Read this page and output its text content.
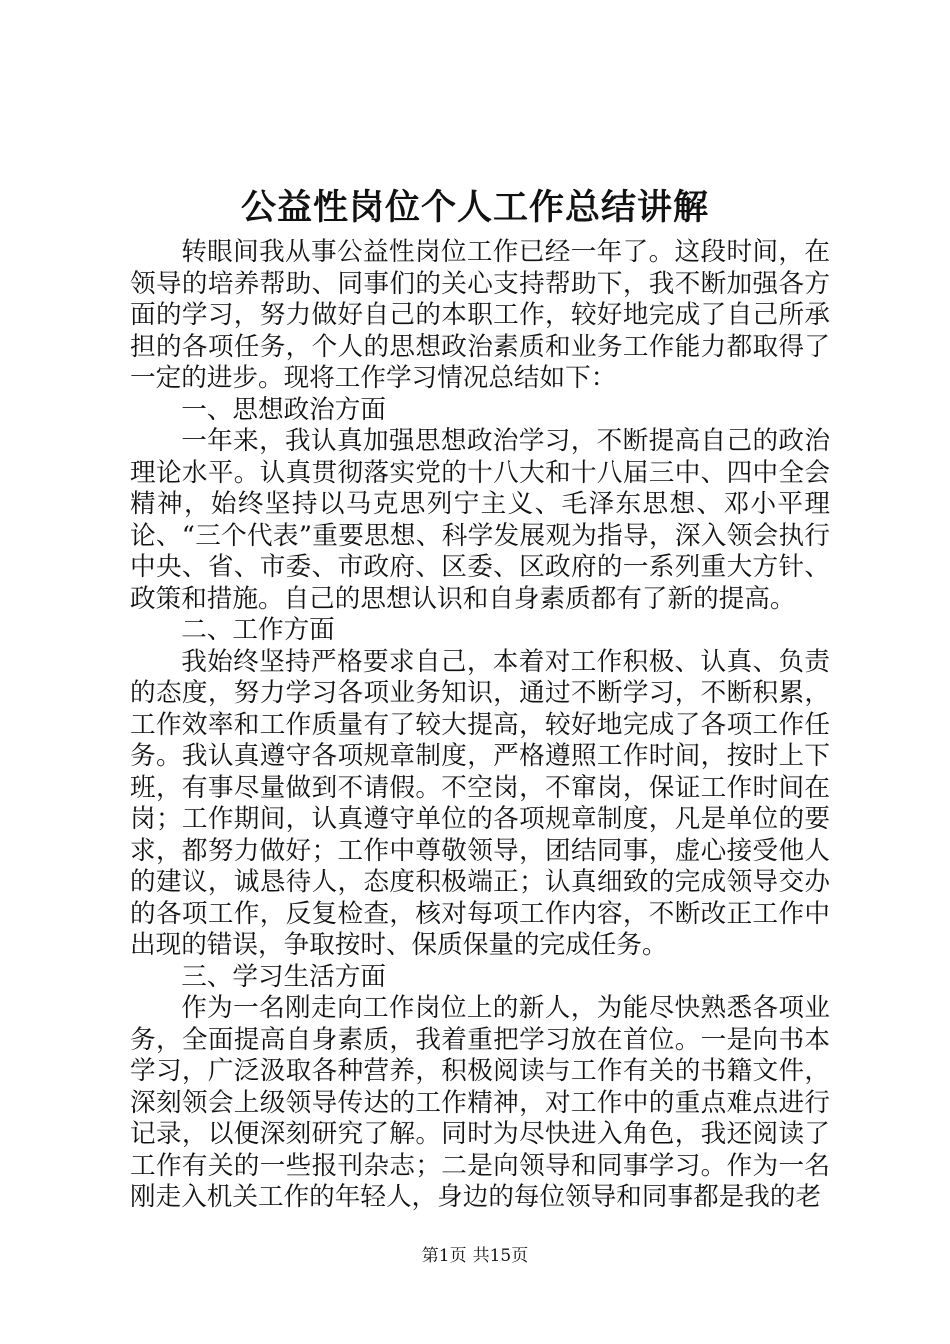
公益性岗位个人工作总结讲解

转眼间我从事公益性岗位工作已经一年了。这段时间，在领导的培养帮助、同事们的关心支持帮助下，我不断加强各方面的学习，努力做好自己的本职工作，较好地完成了自己所承担的各项任务，个人的思想政治素质和业务工作能力都取得了一定的进步。现将工作学习情况总结如下：

一、思想政治方面

一年来，我认真加强思想政治学习，不断提高自己的政治理论水平。认真贯彻落实党的十八大和十八届三中、四中全会精神，始终坚持以马克思列宁主义、毛泽东思想、邓小平理论、“三个代表”重要思想、科学发展观为指导，深入领会执行中央、省、市委、市政府、区委、区政府的一系列重大方针、政策和措施。自己的思想认识和自身素质都有了新的提高。

二、工作方面

我始终坚持严格要求自己，本着对工作积极、认真、负责的态度，努力学习各项业务知识，通过不断学习，不断积累，工作效率和工作质量有了较大提高，较好地完成了各项工作任务。我认真遵守各项规章制度，严格遵照工作时间，按时上下班，有事尽量做到不请假。不空岗，不窜岗，保证工作时间在岗；工作期间，认真遵守单位的各项规章制度，凡是单位的要求，都努力做好；工作中尊敬领导，团结同事，虚心接受他人的建议，诚恳待人，态度积极端正；认真细致的完成领导交办的各项工作，反复检查，核对每项工作内容，不断改正工作中出现的错误，争取按时、保质保量的完成任务。

三、学习生活方面

作为一名刚走向工作岗位上的新人，为能尽快熟悉各项业务，全面提高自身素质，我着重把学习放在首位。一是向书本学习，广泛汲取各种营养，积极阅读与工作有关的书籍文件，深刻领会上级领导传达的工作精神，对工作中的重点难点进行记录，以便深刻研究了解。同时为尽快进入角色，我还阅读了工作有关的一些报刊杂志；二是向领导和同事学习。作为一名刚走入机关工作的年轻人，身边的每位领导和同事都是我的老

第1页 共15页
